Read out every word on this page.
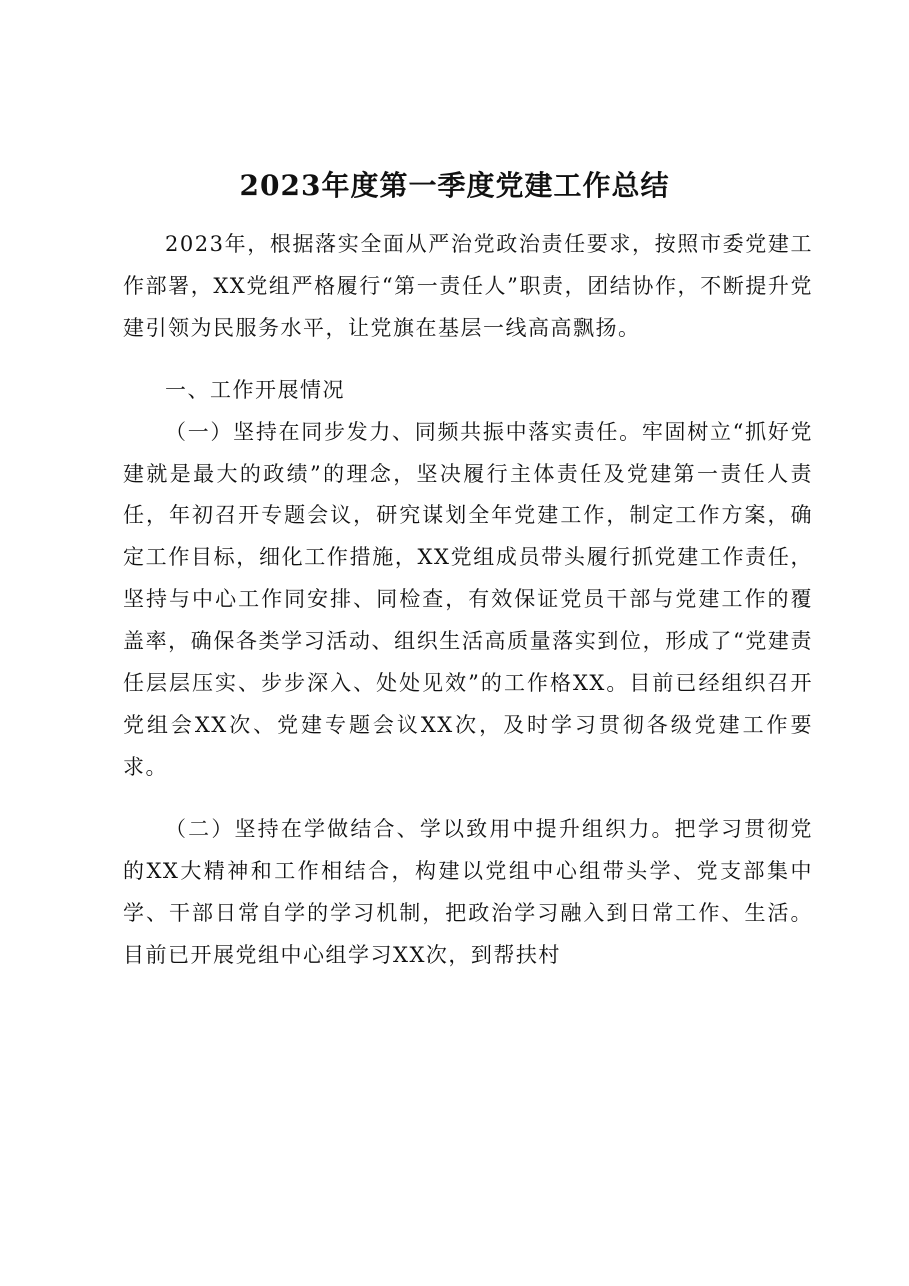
2023年度第一季度党建工作总结

2023年，根据落实全面从严治党政治责任要求，按照市委党建工作部署，XX党组严格履行“第一责任人”职责，团结协作，不断提升党建引领为民服务水平，让党旗在基层一线高高飘扬。

一、工作开展情况

（一）坚持在同步发力、同频共振中落实责任。牢固树立“抓好党建就是最大的政绩”的理念，坚决履行主体责任及党建第一责任人责任，年初召开专题会议，研究谋划全年党建工作，制定工作方案，确定工作目标，细化工作措施，XX党组成员带头履行抓党建工作责任，坚持与中心工作同安排、同检查，有效保证党员干部与党建工作的覆盖率，确保各类学习活动、组织生活高质量落实到位，形成了“党建责任层层压实、步步深入、处处见效”的工作格XX。目前已经组织召开党组会XX次、党建专题会议XX次，及时学习贯彻各级党建工作要求。

（二）坚持在学做结合、学以致用中提升组织力。把学习贯彻党的XX大精神和工作相结合，构建以党组中心组带头学、党支部集中学、干部日常自学的学习机制，把政治学习融入到日常工作、生活。目前已开展党组中心组学习XX次，到帮扶村
